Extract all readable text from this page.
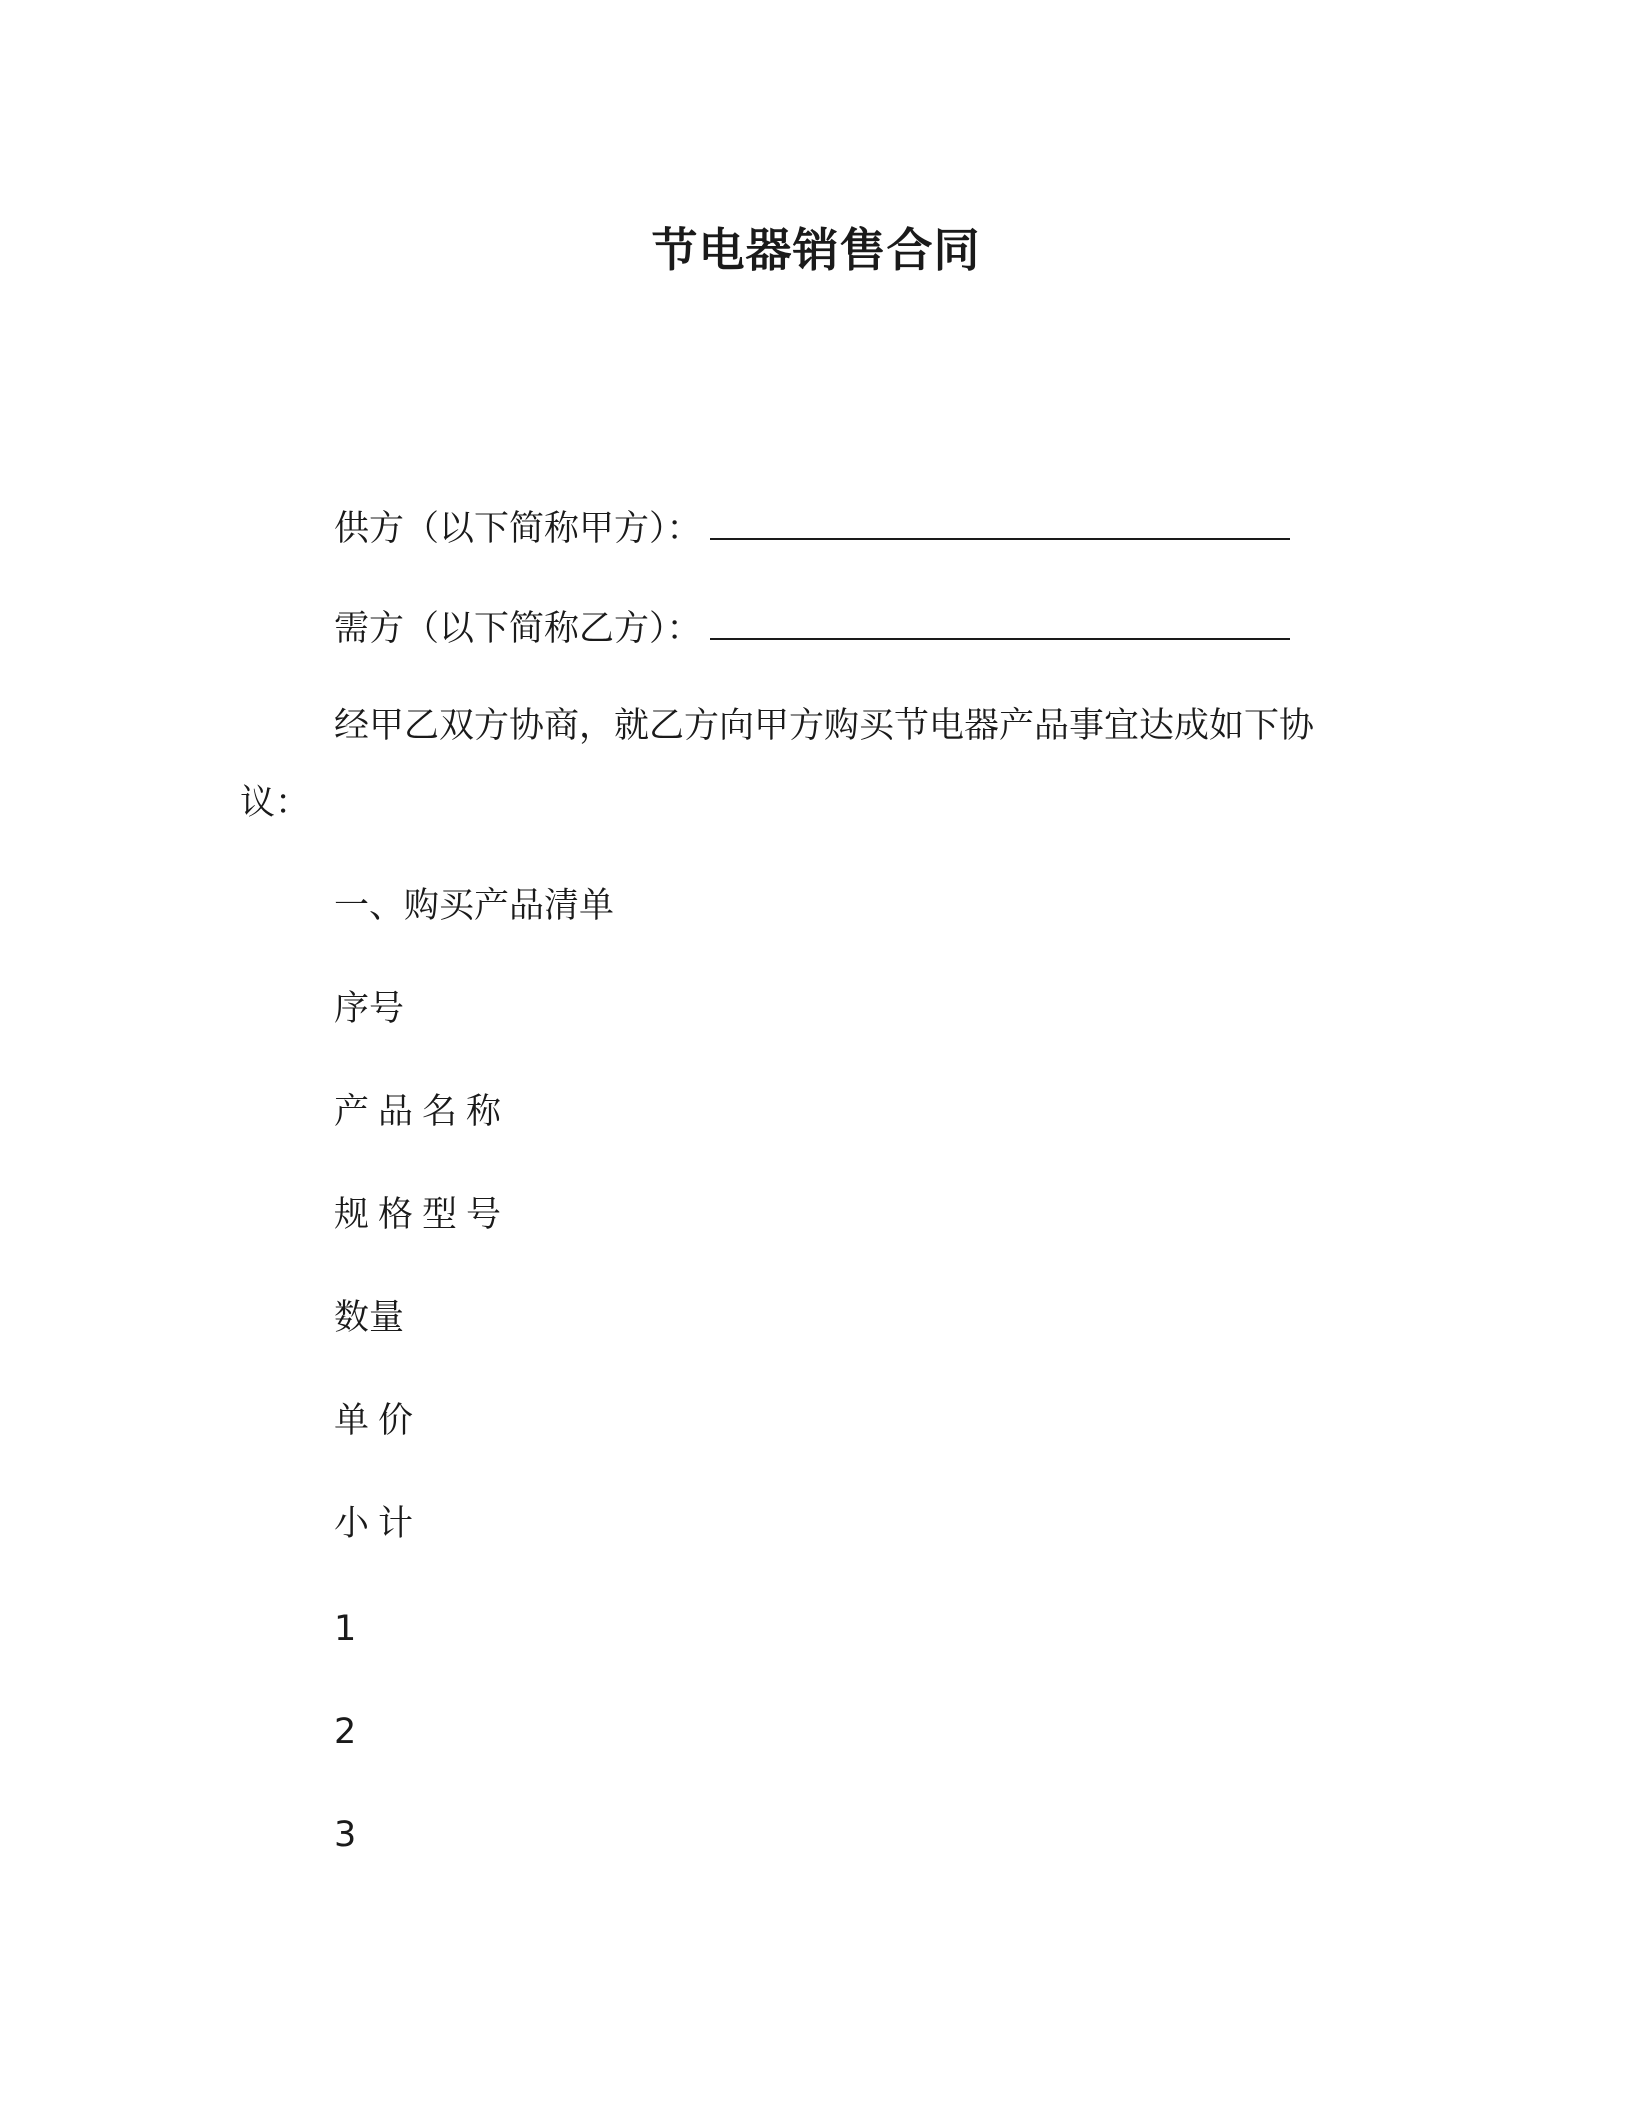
节电器销售合同
供方（以下简称甲方）：
需方（以下简称乙方）：
经甲乙双方协商，就乙方向甲方购买节电器产品事宜达成如下协
议：
一、购买产品清单
序号
产品名称
规格型号
数量
单价
小计
1
2
3
